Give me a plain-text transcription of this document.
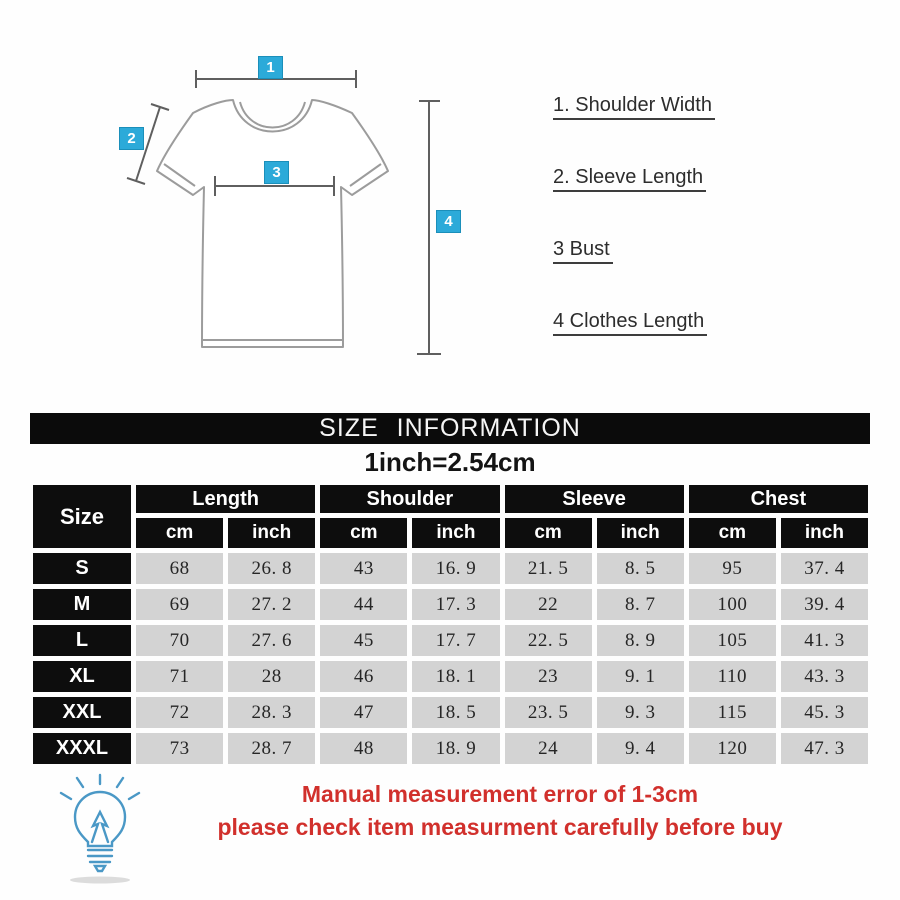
1
2
3
4
1. Shoulder Width
2. Sleeve Length
3 Bust
4 Clothes Length
SIZE INFORMATION
1inch=2.54cm
Size
Length	Shoulder	Sleeve	Chest
cm	inch	cm	inch	cm	inch	cm	inch
S	68	26. 8	43	16. 9	21. 5	8. 5	95	37. 4
M	69	27. 2	44	17. 3	22	8. 7	100	39. 4
L	70	27. 6	45	17. 7	22. 5	8. 9	105	41. 3
XL	71	28	46	18. 1	23	9. 1	110	43. 3
XXL	72	28. 3	47	18. 5	23. 5	9. 3	115	45. 3
XXXL	73	28. 7	48	18. 9	24	9. 4	120	47. 3
Manual measurement error of 1-3cm
please check item measurment carefully before buy
